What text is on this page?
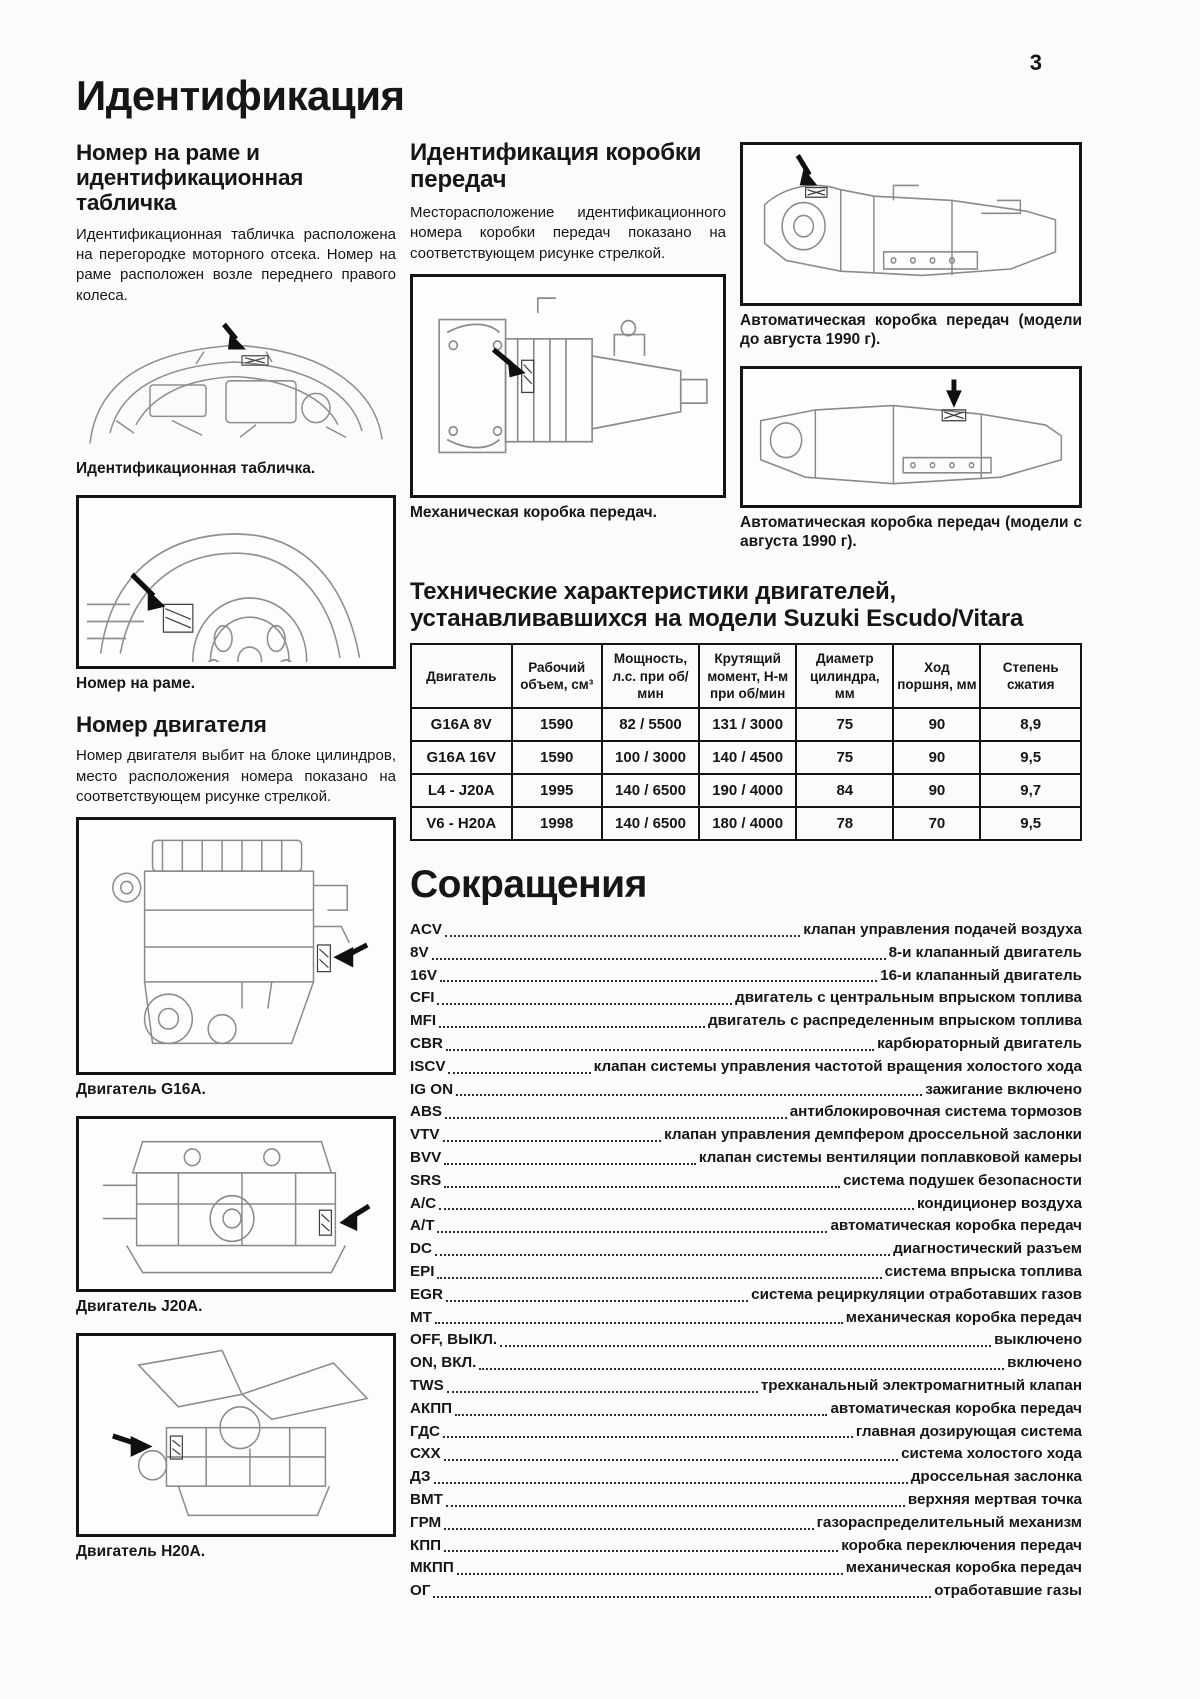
3
Идентификация
Номер на раме и идентификационная табличка

Идентификационная табличка расположена на перегородке моторного отсека. Номер на раме расположен возле переднего правого колеса.

Идентификационная табличка.
Номер на раме.
Номер двигателя

Номер двигателя выбит на блоке цилиндров, место расположения номера показано на соответствующем рисунке стрелкой.

Двигатель G16A.
Двигатель J20A.
Двигатель H20A.
Идентификация коробки передач

Месторасположение идентификационного номера коробки передач показано на соответствующем рисунке стрелкой.

Механическая коробка передач.
Автоматическая коробка передач (модели до августа 1990 г).
Автоматическая коробка передач (модели с августа 1990 г).
Технические характеристики двигателей, устанавливавшихся на модели Suzuki Escudo/Vitara
Двигатель	Рабочий объем, см³	Мощность, л.с. при об/мин	Крутящий момент, Н-м при об/мин	Диаметр цилиндра, мм	Ход поршня, мм	Степень сжатия
G16A 8V	1590	82 / 5500	131 / 3000	75	90	8,9
G16A 16V	1590	100 / 3000	140 / 4500	75	90	9,5
L4 - J20A	1995	140 / 6500	190 / 4000	84	90	9,7
V6 - H20A	1998	140 / 6500	180 / 4000	78	70	9,5
Сокращения
ACV	клапан управления подачей воздуха
8V	8-и клапанный двигатель
16V	16-и клапанный двигатель
CFI	двигатель с центральным впрыском топлива
MFI	двигатель с распределенным впрыском топлива
CBR	карбюраторный двигатель
ISCV	клапан системы управления частотой вращения холостого хода
IG ON	зажигание включено
ABS	антиблокировочная система тормозов
VTV	клапан управления демпфером дроссельной заслонки
BVV	клапан системы вентиляции поплавковой камеры
SRS	система подушек безопасности
A/C	кондиционер воздуха
A/T	автоматическая коробка передач
DC	диагностический разъем
EPI	система впрыска топлива
EGR	система рециркуляции отработавших газов
MT	механическая коробка передач
OFF, ВЫКЛ.	выключено
ON, ВКЛ.	включено
TWS	трехканальный электромагнитный клапан
АКПП	автоматическая коробка передач
ГДС	главная дозирующая система
СХХ	система холостого хода
ДЗ	дроссельная заслонка
ВМТ	верхняя мертвая точка
ГРМ	газораспределительный механизм
КПП	коробка переключения передач
МКПП	механическая коробка передач
ОГ	отработавшие газы
